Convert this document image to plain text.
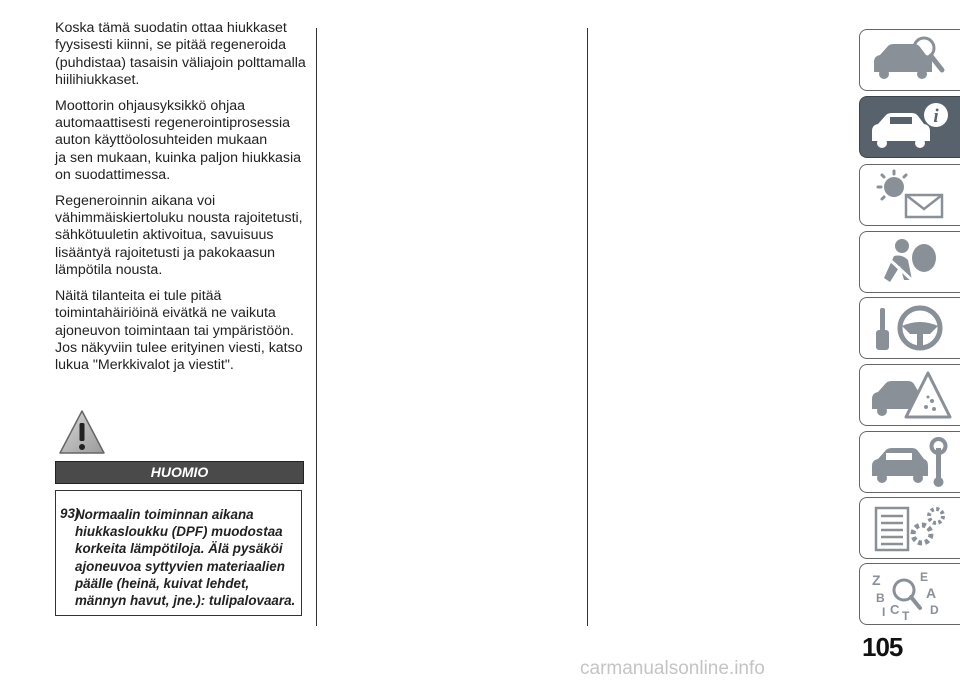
Koska tämä suodatin ottaa hiukkaset
fyysisesti kiinni, se pitää regeneroida
(puhdistaa) tasaisin väliajoin polttamalla
hiilihiukkaset.

Moottorin ohjausyksikkö ohjaa
automaattisesti regenerointiprosessia
auton käyttöolosuhteiden mukaan
ja sen mukaan, kuinka paljon hiukkasia
on suodattimessa.

Regeneroinnin aikana voi
vähimmäiskiertoluku nousta rajoitetusti,
sähkötuuletin aktivoitua, savuisuus
lisääntyä rajoitetusti ja pakokaasun
lämpötila nousta.

Näitä tilanteita ei tule pitää
toimintahäiriöinä eivätkä ne vaikuta
ajoneuvon toimintaan tai ympäristöön.
Jos näkyviin tulee erityinen viesti, katso
lukua "Merkkivalot ja viestit".

HUOMIO
93)
Normaalin toiminnan aikana
hiukkasloukku (DPF) muodostaa
korkeita lämpötiloja. Älä pysäköi
ajoneuvoa syttyvien materiaalien
päälle (heinä, kuivat lehdet,
männyn havut, jne.): tulipalovaara.
i
Z	E
A
B
D
I C T
105
carmanualsonline.info
